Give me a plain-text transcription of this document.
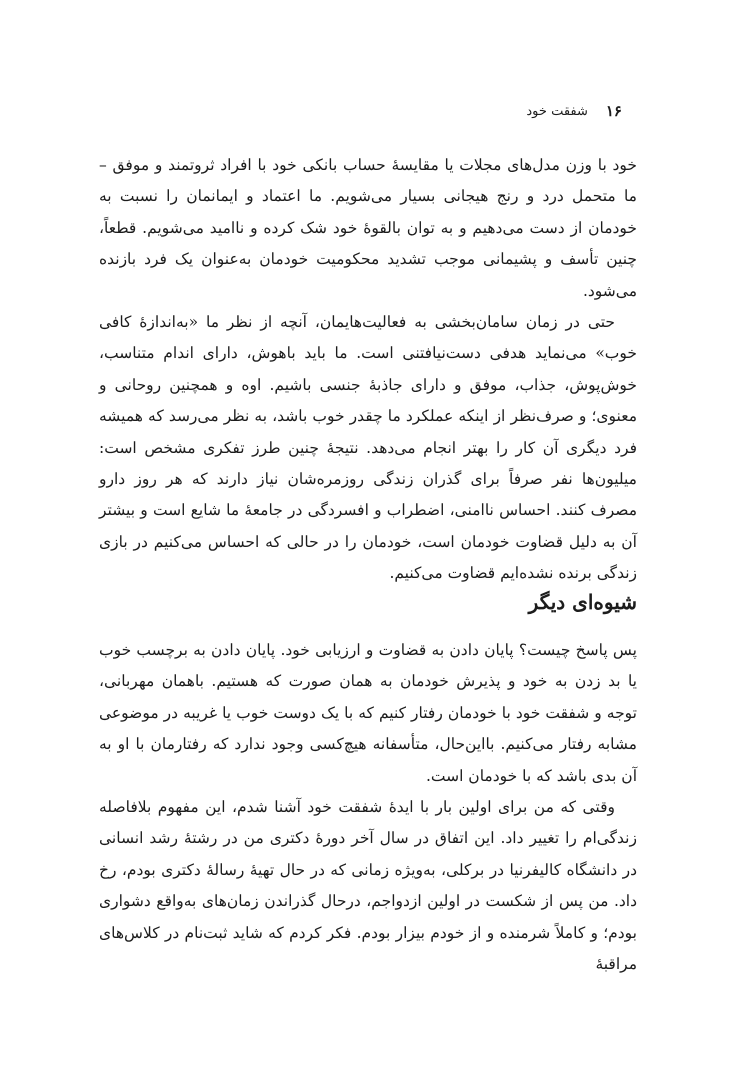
۱۶
شفقت خود

خود با وزن مدل‌های مجلات یا مقایسهٔ حساب بانکی خود با افراد ثروتمند و موفق – ما متحمل درد و رنج هیجانی بسیار می‌شویم. ما اعتماد و ایمانمان را نسبت به خودمان از دست می‌دهیم و به توان بالقوهٔ خود شک کرده و ناامید می‌شویم. قطعاً، چنین تأسف و پشیمانی موجب تشدید محکومیت خودمان به‌عنوان یک فرد بازنده می‌شود.

حتی در زمان سامان‌بخشی به فعالیت‌هایمان، آنچه از نظر ما «به‌اندازهٔ کافی خوب» می‌نماید هدفی دست‌نیافتنی است. ما باید باهوش، دارای اندام متناسب، خوش‌پوش، جذاب، موفق و دارای جاذبهٔ جنسی باشیم. اوه و همچنین روحانی و معنوی؛ و صرف‌نظر از اینکه عملکرد ما چقدر خوب باشد، به نظر می‌رسد که همیشه فرد دیگری آن کار را بهتر انجام می‌دهد. نتیجهٔ چنین طرز تفکری مشخص است: میلیون‌ها نفر صرفاً برای گذران زندگی روزمره‌شان نیاز دارند که هر روز دارو مصرف کنند. احساس ناامنی، اضطراب و افسردگی در جامعهٔ ما شایع است و بیشتر آن به دلیل قضاوت خودمان است، خودمان را در حالی که احساس می‌کنیم در بازی زندگی برنده نشده‌ایم قضاوت می‌کنیم.

شیوه‌ای دیگر

پس پاسخ چیست؟ پایان دادن به قضاوت و ارزیابی خود. پایان دادن به برچسب خوب یا بد زدن به خود و پذیرش خودمان به همان صورت که هستیم. باهمان مهربانی، توجه و شفقت خود با خودمان رفتار کنیم که با یک دوست خوب یا غریبه در موضوعی مشابه رفتار می‌کنیم. بااین‌حال، متأسفانه هیچ‌کسی وجود ندارد که رفتارمان با او به آن بدی باشد که با خودمان است.

وقتی که من برای اولین بار با ایدهٔ شفقت خود آشنا شدم، این مفهوم بلافاصله زندگی‌ام را تغییر داد. این اتفاق در سال آخر دورهٔ دکتری من در رشتهٔ رشد انسانی در دانشگاه کالیفرنیا در برکلی، به‌ویژه زمانی که در حال تهیهٔ رسالهٔ دکتری بودم، رخ داد. من پس از شکست در اولین ازدواجم، درحال گذراندن زمان‌های به‌واقع دشواری بودم؛ و کاملاً شرمنده و از خودم بیزار بودم. فکر کردم که شاید ثبت‌نام در کلاس‌های مراقبهٔ
